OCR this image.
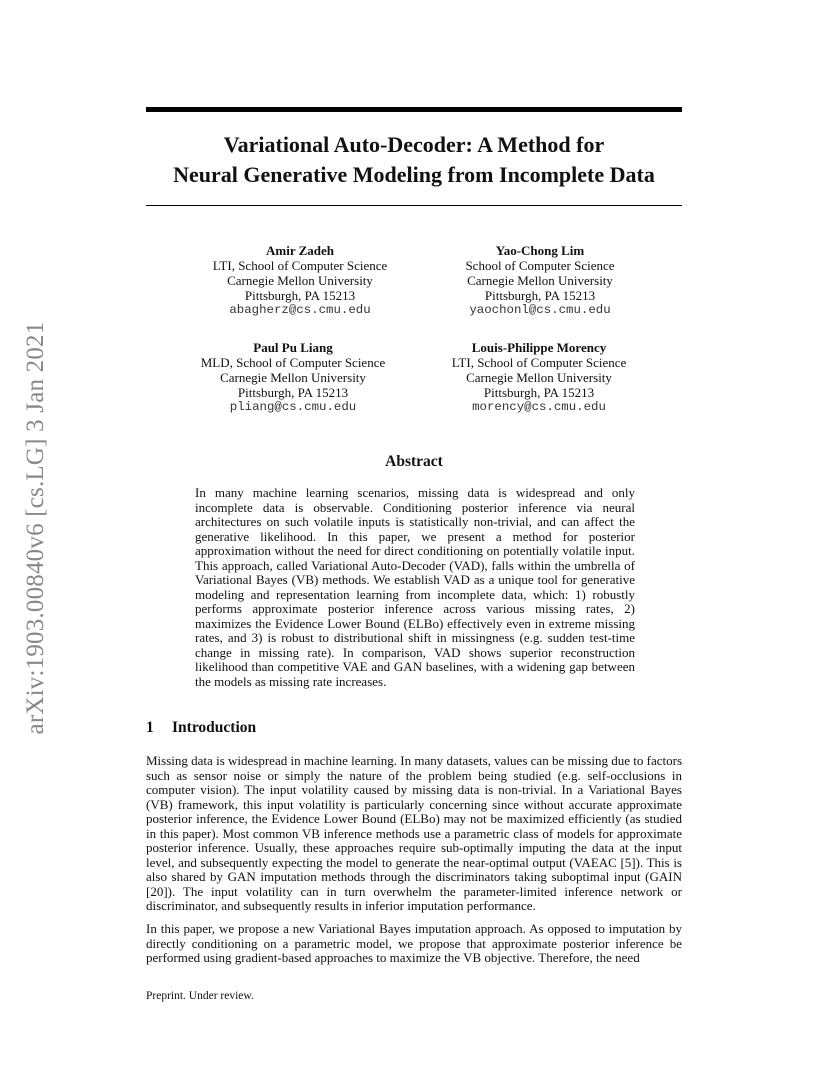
arXiv:1903.00840v6 [cs.LG] 3 Jan 2021
Variational Auto-Decoder: A Method for
Neural Generative Modeling from Incomplete Data
Amir Zadeh
LTI, School of Computer Science
Carnegie Mellon University
Pittsburgh, PA 15213
abagherz@cs.cmu.edu
Yao-Chong Lim
School of Computer Science
Carnegie Mellon University
Pittsburgh, PA 15213
yaochonl@cs.cmu.edu
Paul Pu Liang
MLD, School of Computer Science
Carnegie Mellon University
Pittsburgh, PA 15213
pliang@cs.cmu.edu
Louis-Philippe Morency
LTI, School of Computer Science
Carnegie Mellon University
Pittsburgh, PA 15213
morency@cs.cmu.edu
Abstract
In many machine learning scenarios, missing data is widespread and only incomplete data is observable. Conditioning posterior inference via neural architectures on such volatile inputs is statistically non-trivial, and can affect the generative likelihood. In this paper, we present a method for posterior approximation without the need for direct conditioning on potentially volatile input. This approach, called Variational Auto-Decoder (VAD), falls within the umbrella of Variational Bayes (VB) methods. We establish VAD as a unique tool for generative modeling and representation learning from incomplete data, which: 1) robustly performs approximate posterior inference across various missing rates, 2) maximizes the Evidence Lower Bound (ELBo) effectively even in extreme missing rates, and 3) is robust to distributional shift in missingness (e.g. sudden test-time change in missing rate). In comparison, VAD shows superior reconstruction likelihood than competitive VAE and GAN baselines, with a widening gap between the models as missing rate increases.
1 Introduction
Missing data is widespread in machine learning. In many datasets, values can be missing due to factors such as sensor noise or simply the nature of the problem being studied (e.g. self-occlusions in computer vision). The input volatility caused by missing data is non-trivial. In a Variational Bayes (VB) framework, this input volatility is particularly concerning since without accurate approximate posterior inference, the Evidence Lower Bound (ELBo) may not be maximized efficiently (as studied in this paper). Most common VB inference methods use a parametric class of models for approximate posterior inference. Usually, these approaches require sub-optimally imputing the data at the input level, and subsequently expecting the model to generate the near-optimal output (VAEAC [5]). This is also shared by GAN imputation methods through the discriminators taking suboptimal input (GAIN [20]). The input volatility can in turn overwhelm the parameter-limited inference network or discriminator, and subsequently results in inferior imputation performance.
In this paper, we propose a new Variational Bayes imputation approach. As opposed to imputation by directly conditioning on a parametric model, we propose that approximate posterior inference be performed using gradient-based approaches to maximize the VB objective. Therefore, the need
Preprint. Under review.
